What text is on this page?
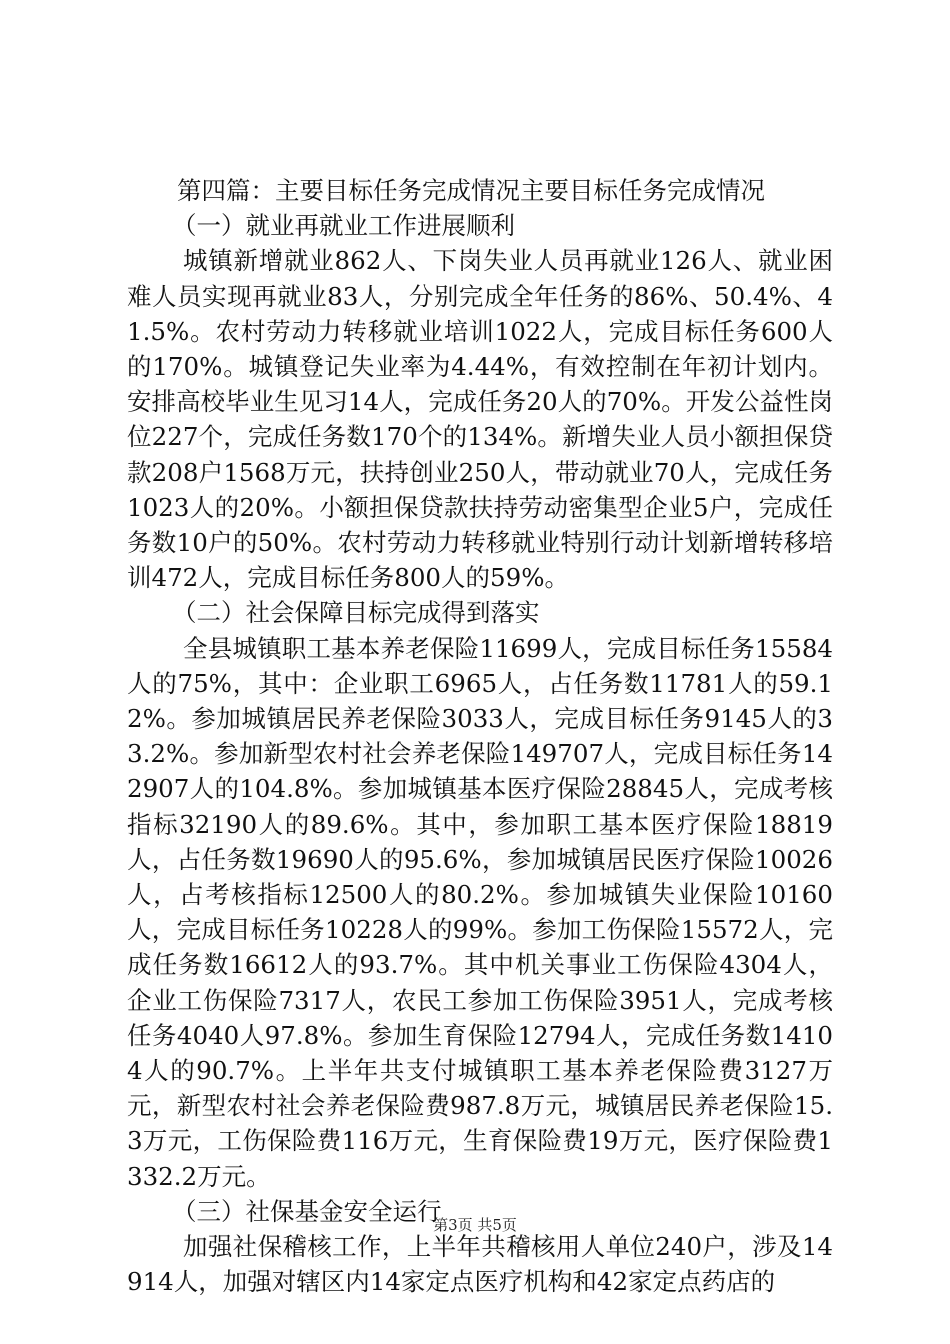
第四篇：主要目标任务完成情况主要目标任务完成情况

（一）就业再就业工作进展顺利

城镇新增就业862人、下岗失业人员再就业126人、就业困难人员实现再就业83人，分别完成全年任务的86%、50.4%、41.5%。农村劳动力转移就业培训1022人，完成目标任务600人的170%。城镇登记失业率为4.44%，有效控制在年初计划内。安排高校毕业生见习14人，完成任务20人的70%。开发公益性岗位227个，完成任务数170个的134%。新增失业人员小额担保贷款208户1568万元，扶持创业250人，带动就业70人，完成任务1023人的20%。小额担保贷款扶持劳动密集型企业5户，完成任务数10户的50%。农村劳动力转移就业特别行动计划新增转移培训472人，完成目标任务800人的59%。

（二）社会保障目标完成得到落实

全县城镇职工基本养老保险11699人，完成目标任务15584人的75%，其中：企业职工6965人，占任务数11781人的59.12%。参加城镇居民养老保险3033人，完成目标任务9145人的33.2%。参加新型农村社会养老保险149707人，完成目标任务142907人的104.8%。参加城镇基本医疗保险28845人，完成考核指标32190人的89.6%。其中，参加职工基本医疗保险18819人，占任务数19690人的95.6%，参加城镇居民医疗保险10026人，占考核指标12500人的80.2%。参加城镇失业保险10160人，完成目标任务10228人的99%。参加工伤保险15572人，完成任务数16612人的93.7%。其中机关事业工伤保险4304人，企业工伤保险7317人，农民工参加工伤保险3951人，完成考核任务4040人97.8%。参加生育保险12794人，完成任务数14104人的90.7%。上半年共支付城镇职工基本养老保险费3127万元，新型农村社会养老保险费987.8万元，城镇居民养老保险15.3万元，工伤保险费116万元，生育保险费19万元，医疗保险费1332.2万元。

（三）社保基金安全运行

加强社保稽核工作，上半年共稽核用人单位240户，涉及14914人，加强对辖区内14家定点医疗机构和42家定点药店的

第3页 共5页
